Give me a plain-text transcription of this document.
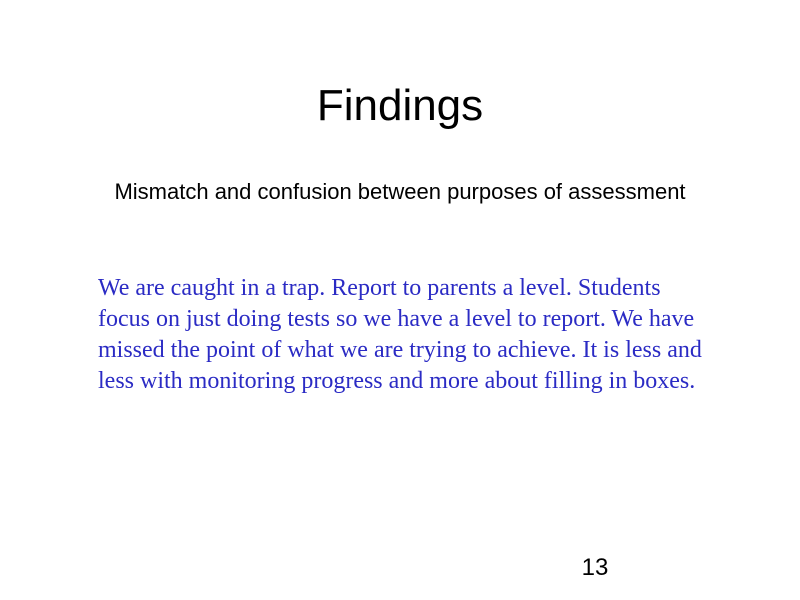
Findings

Mismatch and confusion between purposes of assessment

We are caught in a trap. Report to parents a level. Students focus on just doing tests so we have a level to report. We have missed the point of what we are trying to achieve. It is less and less with monitoring progress and more about filling in boxes.

13
